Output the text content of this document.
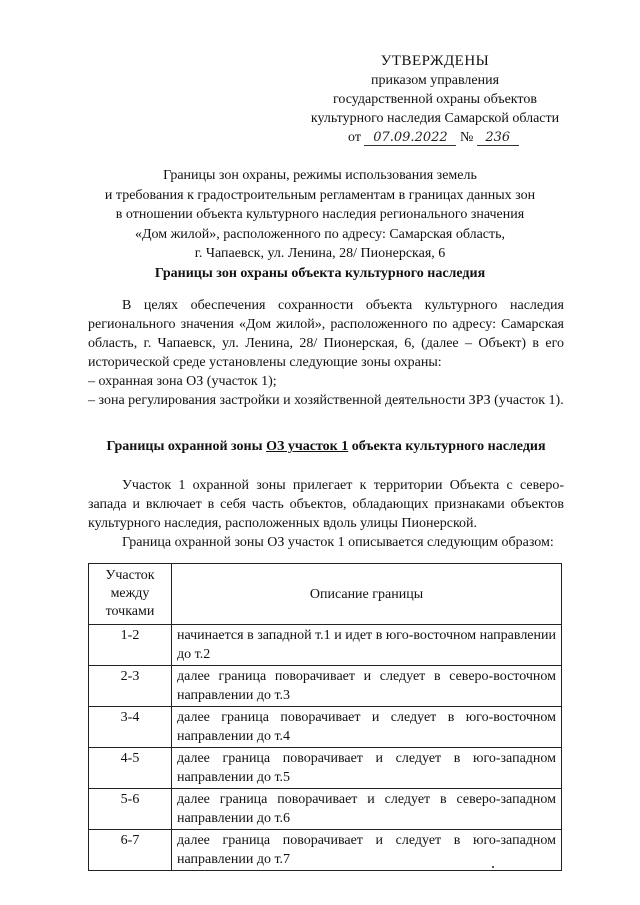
УТВЕРЖДЕНЫ
приказом управления
государственной охраны объектов
культурного наследия Самарской области
от 07.09.2022 № 236
Границы зон охраны, режимы использования земель
и требования к градостроительным регламентам в границах данных зон
в отношении объекта культурного наследия регионального значения
«Дом жилой», расположенного по адресу: Самарская область,
г. Чапаевск, ул. Ленина, 28/ Пионерская, 6
Границы зон охраны объекта культурного наследия
В целях обеспечения сохранности объекта культурного наследия регионального значения «Дом жилой», расположенного по адресу: Самарская область, г. Чапаевск, ул. Ленина, 28/ Пионерская, 6, (далее – Объект) в его исторической среде установлены следующие зоны охраны:
– охранная зона ОЗ (участок 1);
– зона регулирования застройки и хозяйственной деятельности ЗРЗ (участок 1).
Границы охранной зоны ОЗ участок 1 объекта культурного наследия
Участок 1 охранной зоны прилегает к территории Объекта с северо-запада и включает в себя часть объектов, обладающих признаками объектов культурного наследия, расположенных вдоль улицы Пионерской.
Граница охранной зоны ОЗ участок 1 описывается следующим образом:
Участок между точками	Описание границы
1-2	начинается в западной т.1 и идет в юго-восточном направлении до т.2
2-3	далее граница поворачивает и следует в северо-восточном направлении до т.3
3-4	далее граница поворачивает и следует в юго-восточном направлении до т.4
4-5	далее граница поворачивает и следует в юго-западном направлении до т.5
5-6	далее граница поворачивает и следует в северо-западном направлении до т.6
6-7	далее граница поворачивает и следует в юго-западном направлении до т.7
